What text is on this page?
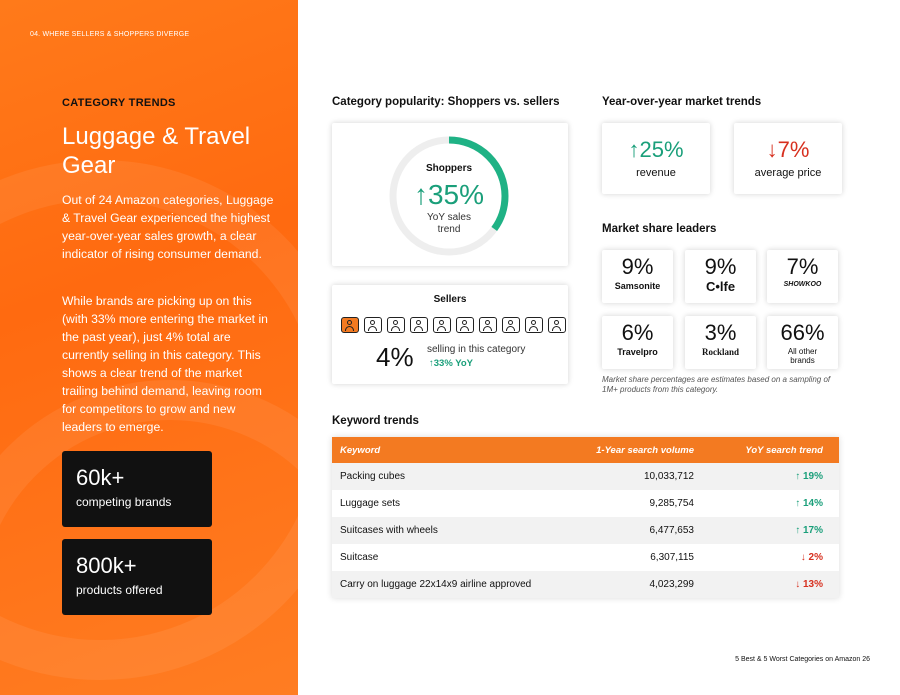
04. WHERE SELLERS & SHOPPERS DIVERGE
CATEGORY TRENDS
Luggage & Travel Gear
Out of 24 Amazon categories, Luggage & Travel Gear experienced the highest year-over-year sales growth, a clear indicator of rising consumer demand.
While brands are picking up on this (with 33% more entering the market in the past year), just 4% total are currently selling in this category. This shows a clear trend of the market trailing behind demand, leaving room for competitors to grow and new leaders to emerge.
60k+
competing brands
800k+
products offered
Category popularity: Shoppers vs. sellers
Shoppers
↑35%
YoY sales
trend
Sellers
4% selling in this category
↑33% YoY
Year-over-year market trends
↑25%
revenue
↓7%
average price
Market share leaders
9%
Samsonite
9%
C•lfe
7%
SHOWKOO
6%
Travelpro
3%
Rockland
66%
All other brands
Market share percentages are estimates based on a sampling of 1M+ products from this category.
Keyword trends
Keyword	1-Year search volume	YoY search trend
Packing cubes	10,033,712	↑ 19%
Luggage sets	9,285,754	↑ 14%
Suitcases with wheels	6,477,653	↑ 17%
Suitcase	6,307,115	↓ 2%
Carry on luggage 22x14x9 airline approved	4,023,299	↓ 13%
5 Best & 5 Worst Categories on Amazon 26
